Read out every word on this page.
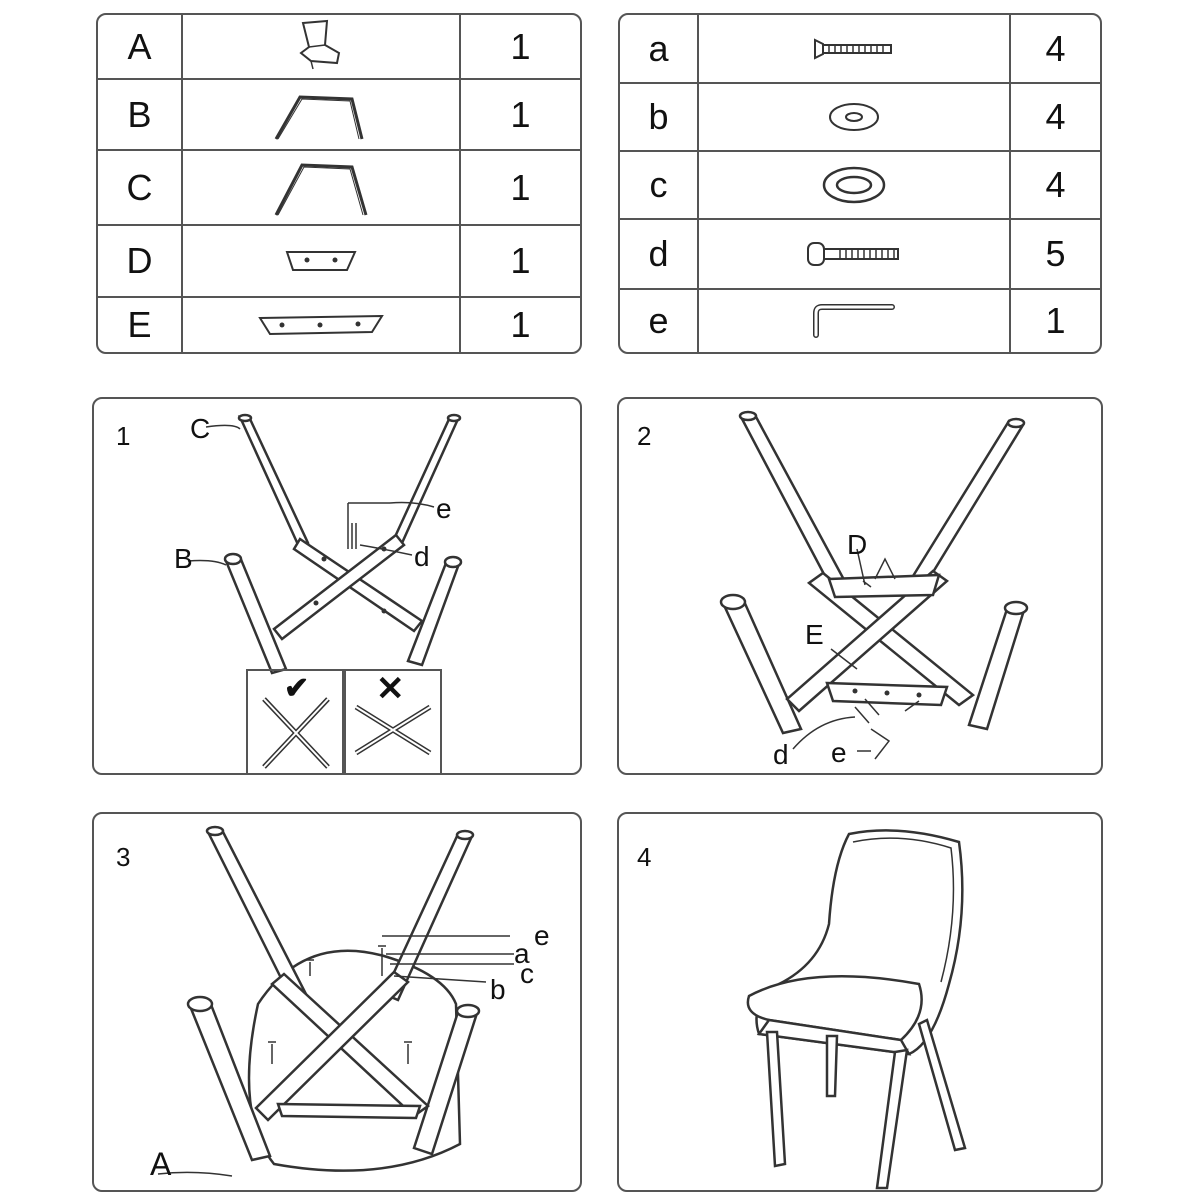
A		1
B		1
C		1
D		1
E		1
a		4
b		4
c		4
d		5
e		1
1 C
e
d
B
✔ ✕
2
D
E
d e
3
e
a
c
b
A
4
